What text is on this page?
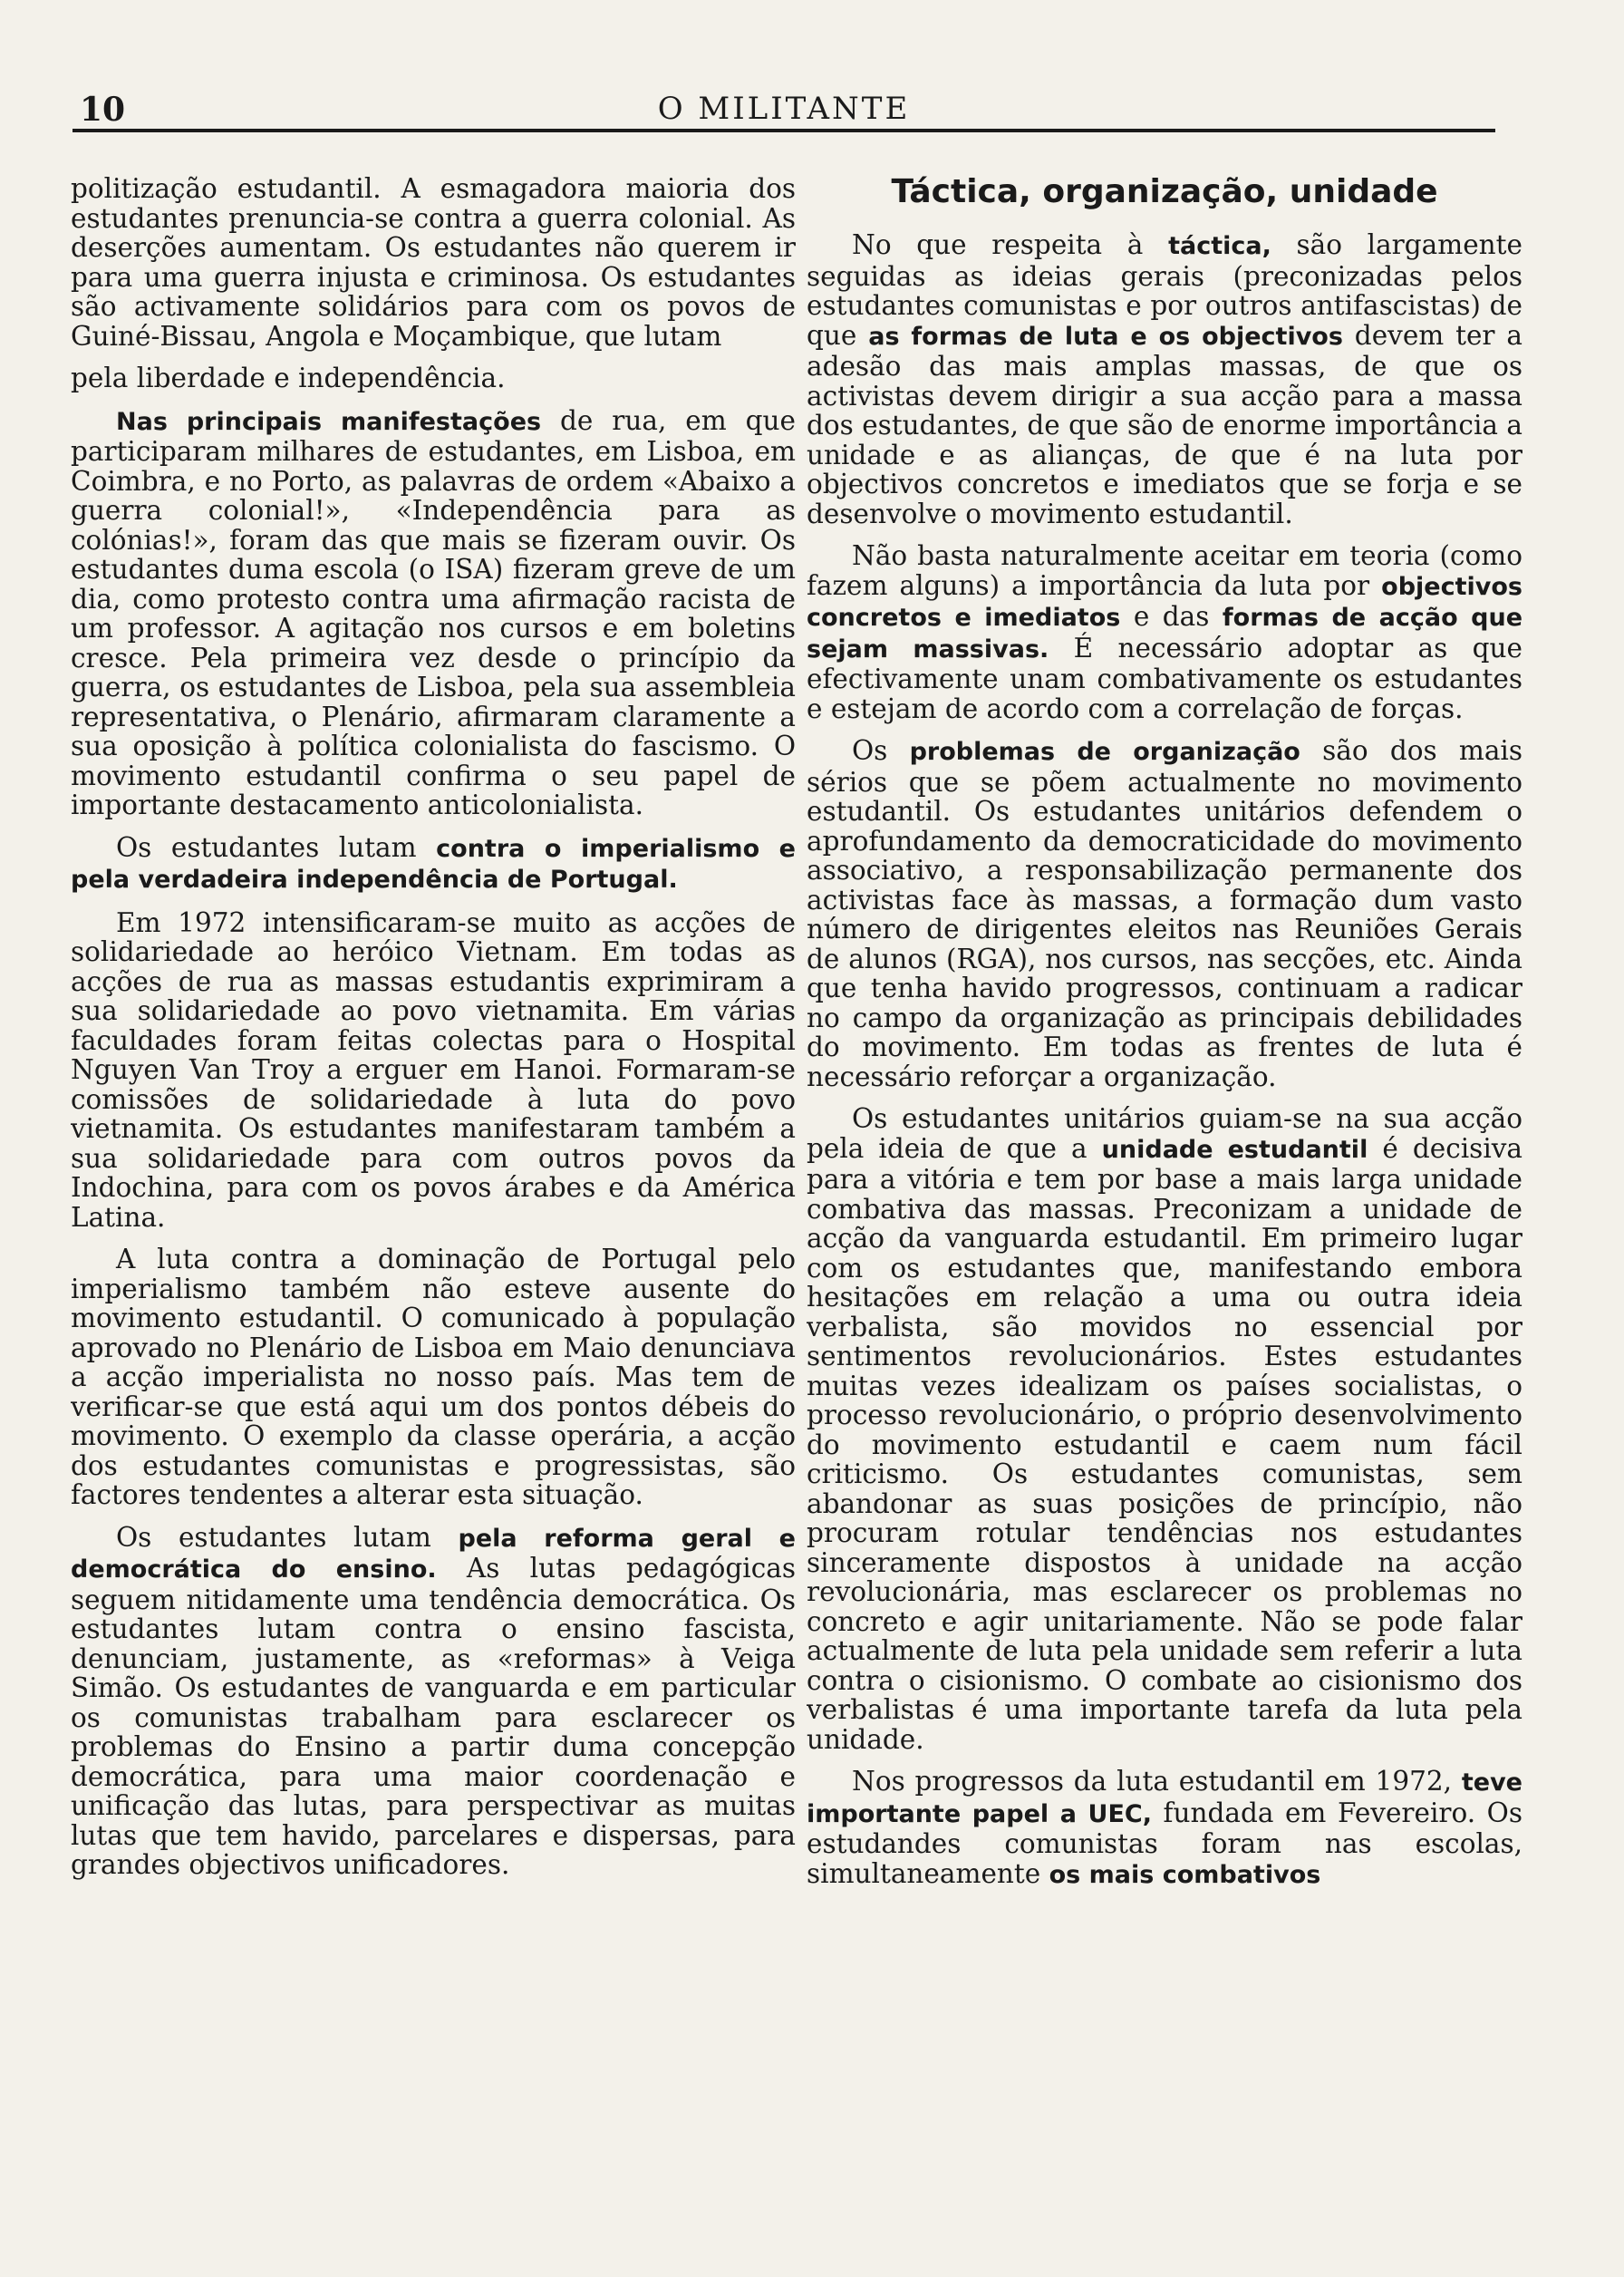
10	O MILITANTE

politização estudantil. A esmagadora maioria dos estudantes prenuncia-se contra a guerra colonial. As deserções aumentam. Os estudantes não querem ir para uma guerra injusta e criminosa. Os estudantes são activamente solidários para com os povos de Guiné-Bissau, Angola e Moçambique, que lutam

pela liberdade e independência.

Nas principais manifestações de rua, em que participaram milhares de estudantes, em Lisboa, em Coimbra, e no Porto, as palavras de ordem «Abaixo a guerra colonial!», «Independência para as colónias!», foram das que mais se fizeram ouvir. Os estudantes duma escola (o ISA) fizeram greve de um dia, como protesto contra uma afirmação racista de um professor. A agitação nos cursos e em boletins cresce. Pela primeira vez desde o princípio da guerra, os estudantes de Lisboa, pela sua assembleia representativa, o Plenário, afirmaram claramente a sua oposição à política colonialista do fascismo. O movimento estudantil confirma o seu papel de importante destacamento anticolonialista.

Os estudantes lutam contra o imperialismo e pela verdadeira independência de Portugal.

Em 1972 intensificaram-se muito as acções de solidariedade ao heróico Vietnam. Em todas as acções de rua as massas estudantis exprimiram a sua solidariedade ao povo vietnamita. Em várias faculdades foram feitas colectas para o Hospital Nguyen Van Troy a erguer em Hanoi. Formaram-se comissões de solidariedade à luta do povo vietnamita. Os estudantes manifestaram também a sua solidariedade para com outros povos da Indochina, para com os povos árabes e da América Latina.

A luta contra a dominação de Portugal pelo imperialismo também não esteve ausente do movimento estudantil. O comunicado à população aprovado no Plenário de Lisboa em Maio denunciava a acção imperialista no nosso país. Mas tem de verificar-se que está aqui um dos pontos débeis do movimento. O exemplo da classe operária, a acção dos estudantes comunistas e progressistas, são factores tendentes a alterar esta situação.

Os estudantes lutam pela reforma geral e democrática do ensino. As lutas pedagógicas seguem nitidamente uma tendência democrática. Os estudantes lutam contra o ensino fascista, denunciam, justamente, as «reformas» à Veiga Simão. Os estudantes de vanguarda e em particular os comunistas trabalham para esclarecer os problemas do Ensino a partir duma concepção democrática, para uma maior coordenação e unificação das lutas, para perspectivar as muitas lutas que tem havido, parcelares e dispersas, para grandes objectivos unificadores.

Táctica, organização, unidade

No que respeita à táctica, são largamente seguidas as ideias gerais (preconizadas pelos estudantes comunistas e por outros antifascistas) de que as formas de luta e os objectivos devem ter a adesão das mais amplas massas, de que os activistas devem dirigir a sua acção para a massa dos estudantes, de que são de enorme importância a unidade e as alianças, de que é na luta por objectivos concretos e imediatos que se forja e se desenvolve o movimento estudantil.

Não basta naturalmente aceitar em teoria (como fazem alguns) a importância da luta por objectivos concretos e imediatos e das formas de acção que sejam massivas. É necessário adoptar as que efectivamente unam combativamente os estudantes e estejam de acordo com a correlação de forças.

Os problemas de organização são dos mais sérios que se põem actualmente no movimento estudantil. Os estudantes unitários defendem o aprofundamento da democraticidade do movimento associativo, a responsabilização permanente dos activistas face às massas, a formação dum vasto número de dirigentes eleitos nas Reuniões Gerais de alunos (RGA), nos cursos, nas secções, etc. Ainda que tenha havido progressos, continuam a radicar no campo da organização as principais debilidades do movimento. Em todas as frentes de luta é necessário reforçar a organização.

Os estudantes unitários guiam-se na sua acção pela ideia de que a unidade estudantil é decisiva para a vitória e tem por base a mais larga unidade combativa das massas. Preconizam a unidade de acção da vanguarda estudantil. Em primeiro lugar com os estudantes que, manifestando embora hesitações em relação a uma ou outra ideia verbalista, são movidos no essencial por sentimentos revolucionários. Estes estudantes muitas vezes idealizam os países socialistas, o processo revolucionário, o próprio desenvolvimento do movimento estudantil e caem num fácil criticismo. Os estudantes comunistas, sem abandonar as suas posições de princípio, não procuram rotular tendências nos estudantes sinceramente dispostos à unidade na acção revolucionária, mas esclarecer os problemas no concreto e agir unitariamente. Não se pode falar actualmente de luta pela unidade sem referir a luta contra o cisionismo. O combate ao cisionismo dos verbalistas é uma importante tarefa da luta pela unidade.

Nos progressos da luta estudantil em 1972, teve importante papel a UEC, fundada em Fevereiro. Os estudandes comunistas foram nas escolas, simultaneamente os mais combativos
